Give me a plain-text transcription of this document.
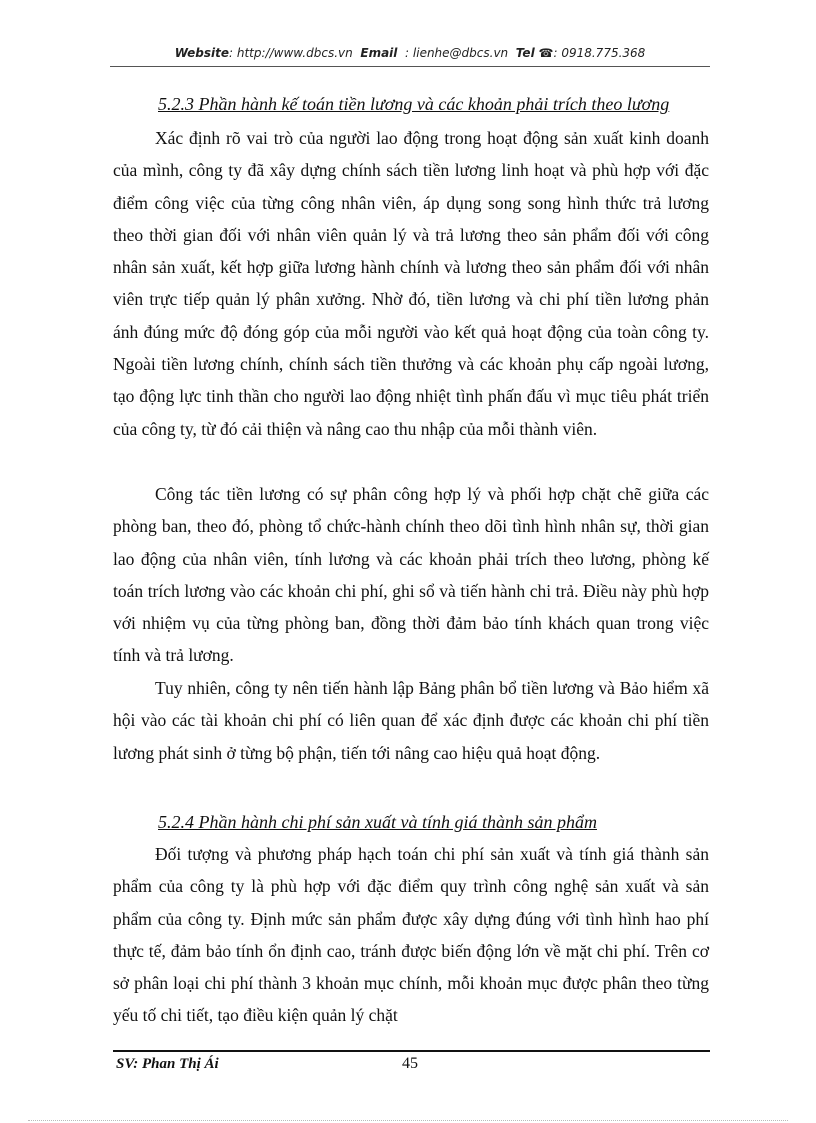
Website: http://www.dbcs.vn Email : lienhe@dbcs.vn Tel ☎: 0918.775.368
5.2.3 Phần hành kế toán tiền lương và các khoản phải trích theo lương

Xác định rõ vai trò của người lao động trong hoạt động sản xuất kinh doanh của mình, công ty đã xây dựng chính sách tiền lương linh hoạt và phù hợp với đặc điểm công việc của từng công nhân viên, áp dụng song song hình thức trả lương theo thời gian đối với nhân viên quản lý và trả lương theo sản phẩm đối với công nhân sản xuất, kết hợp giữa lương hành chính và lương theo sản phẩm đối với nhân viên trực tiếp quản lý phân xưởng. Nhờ đó, tiền lương và chi phí tiền lương phản ánh đúng mức độ đóng góp của mỗi người vào kết quả hoạt động của toàn công ty. Ngoài tiền lương chính, chính sách tiền thưởng và các khoản phụ cấp ngoài lương, tạo động lực tinh thần cho người lao động nhiệt tình phấn đấu vì mục tiêu phát triển của công ty, từ đó cải thiện và nâng cao thu nhập của mỗi thành viên.

Công tác tiền lương có sự phân công hợp lý và phối hợp chặt chẽ giữa các phòng ban, theo đó, phòng tổ chức-hành chính theo dõi tình hình nhân sự, thời gian lao động của nhân viên, tính lương và các khoản phải trích theo lương, phòng kế toán trích lương vào các khoản chi phí, ghi sổ và tiến hành chi trả. Điều này phù hợp với nhiệm vụ của từng phòng ban, đồng thời đảm bảo tính khách quan trong việc tính và trả lương.

Tuy nhiên, công ty nên tiến hành lập Bảng phân bổ tiền lương và Bảo hiểm xã hội vào các tài khoản chi phí có liên quan để xác định được các khoản chi phí tiền lương phát sinh ở từng bộ phận, tiến tới nâng cao hiệu quả hoạt động.

5.2.4 Phần hành chi phí sản xuất và tính giá thành sản phẩm

Đối tượng và phương pháp hạch toán chi phí sản xuất và tính giá thành sản phẩm của công ty là phù hợp với đặc điểm quy trình công nghệ sản xuất và sản phẩm của công ty. Định mức sản phẩm được xây dựng đúng với tình hình hao phí thực tế, đảm bảo tính ổn định cao, tránh được biến động lớn về mặt chi phí. Trên cơ sở phân loại chi phí thành 3 khoản mục chính, mỗi khoản mục được phân theo từng yếu tố chi tiết, tạo điều kiện quản lý chặt

SV: Phan Thị Ái	45
